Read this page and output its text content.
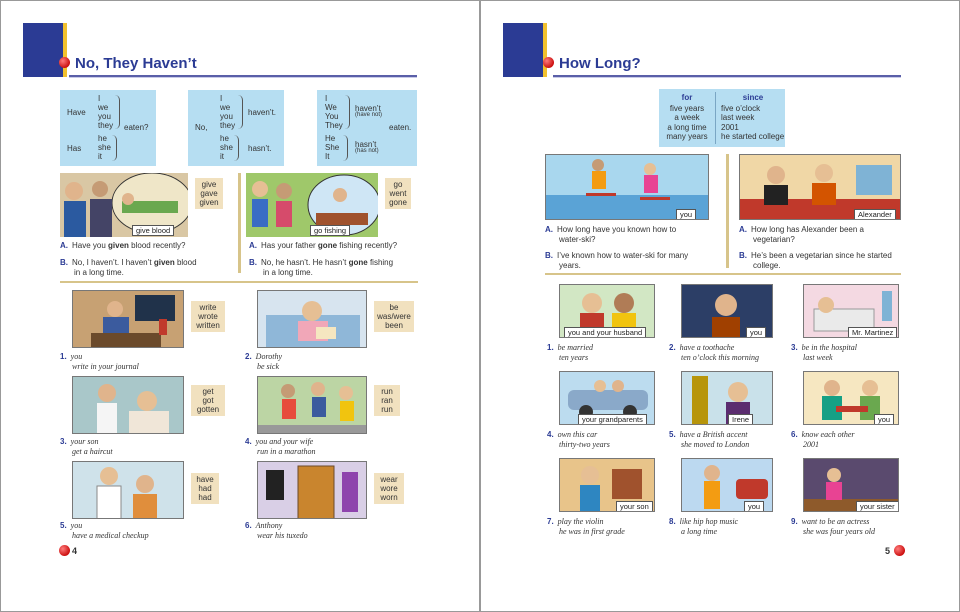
No, They Haven’t
Have
I
we
you
they eaten?
Has
he
she
it
No,
I
we
you
they
haven’t.
he
she
it
hasn’t.
I
We
You
They
haven’t
(have not)
eaten.
He
She
It
hasn’t
(has not)
give blood
give
gave
given
A. Have you given blood recently?
B. No, I haven’t. I haven’t given blood
in a long time.
go fishing
go
went
gone
A. Has your father gone fishing recently?
B. No, he hasn’t. He hasn’t gone fishing
in a long time.
write
wrote
written
1. you
write in your journal
be
was/were
been
2. Dorothy
be sick
get
got
gotten
3. your son
get a haircut
run
ran
run
4. you and your wife
run in a marathon
have
had
had
5. you
have a medical checkup
wear
wore
worn
6. Anthony
wear his tuxedo
4
How Long?
for
five years
a week
a long time
many years
since
five o’clock
last week
2001
he started college
you
A. How long have you known how to
water-ski?
B. I’ve known how to water-ski for many
years.
Alexander
A. How long has Alexander been a
vegetarian?
B. He’s been a vegetarian since he started
college.
you and your husband
1. be married
ten years
you
2. have a toothache
ten o’clock this morning
Mr. Martinez
3. be in the hospital
last week
your grandparents
4. own this car
thirty-two years
Irene
5. have a British accent
she moved to London
you
6. know each other
2001
your son
7. play the violin
he was in first grade
you
8. like hip hop music
a long time
your sister
9. want to be an actress
she was four years old
5
